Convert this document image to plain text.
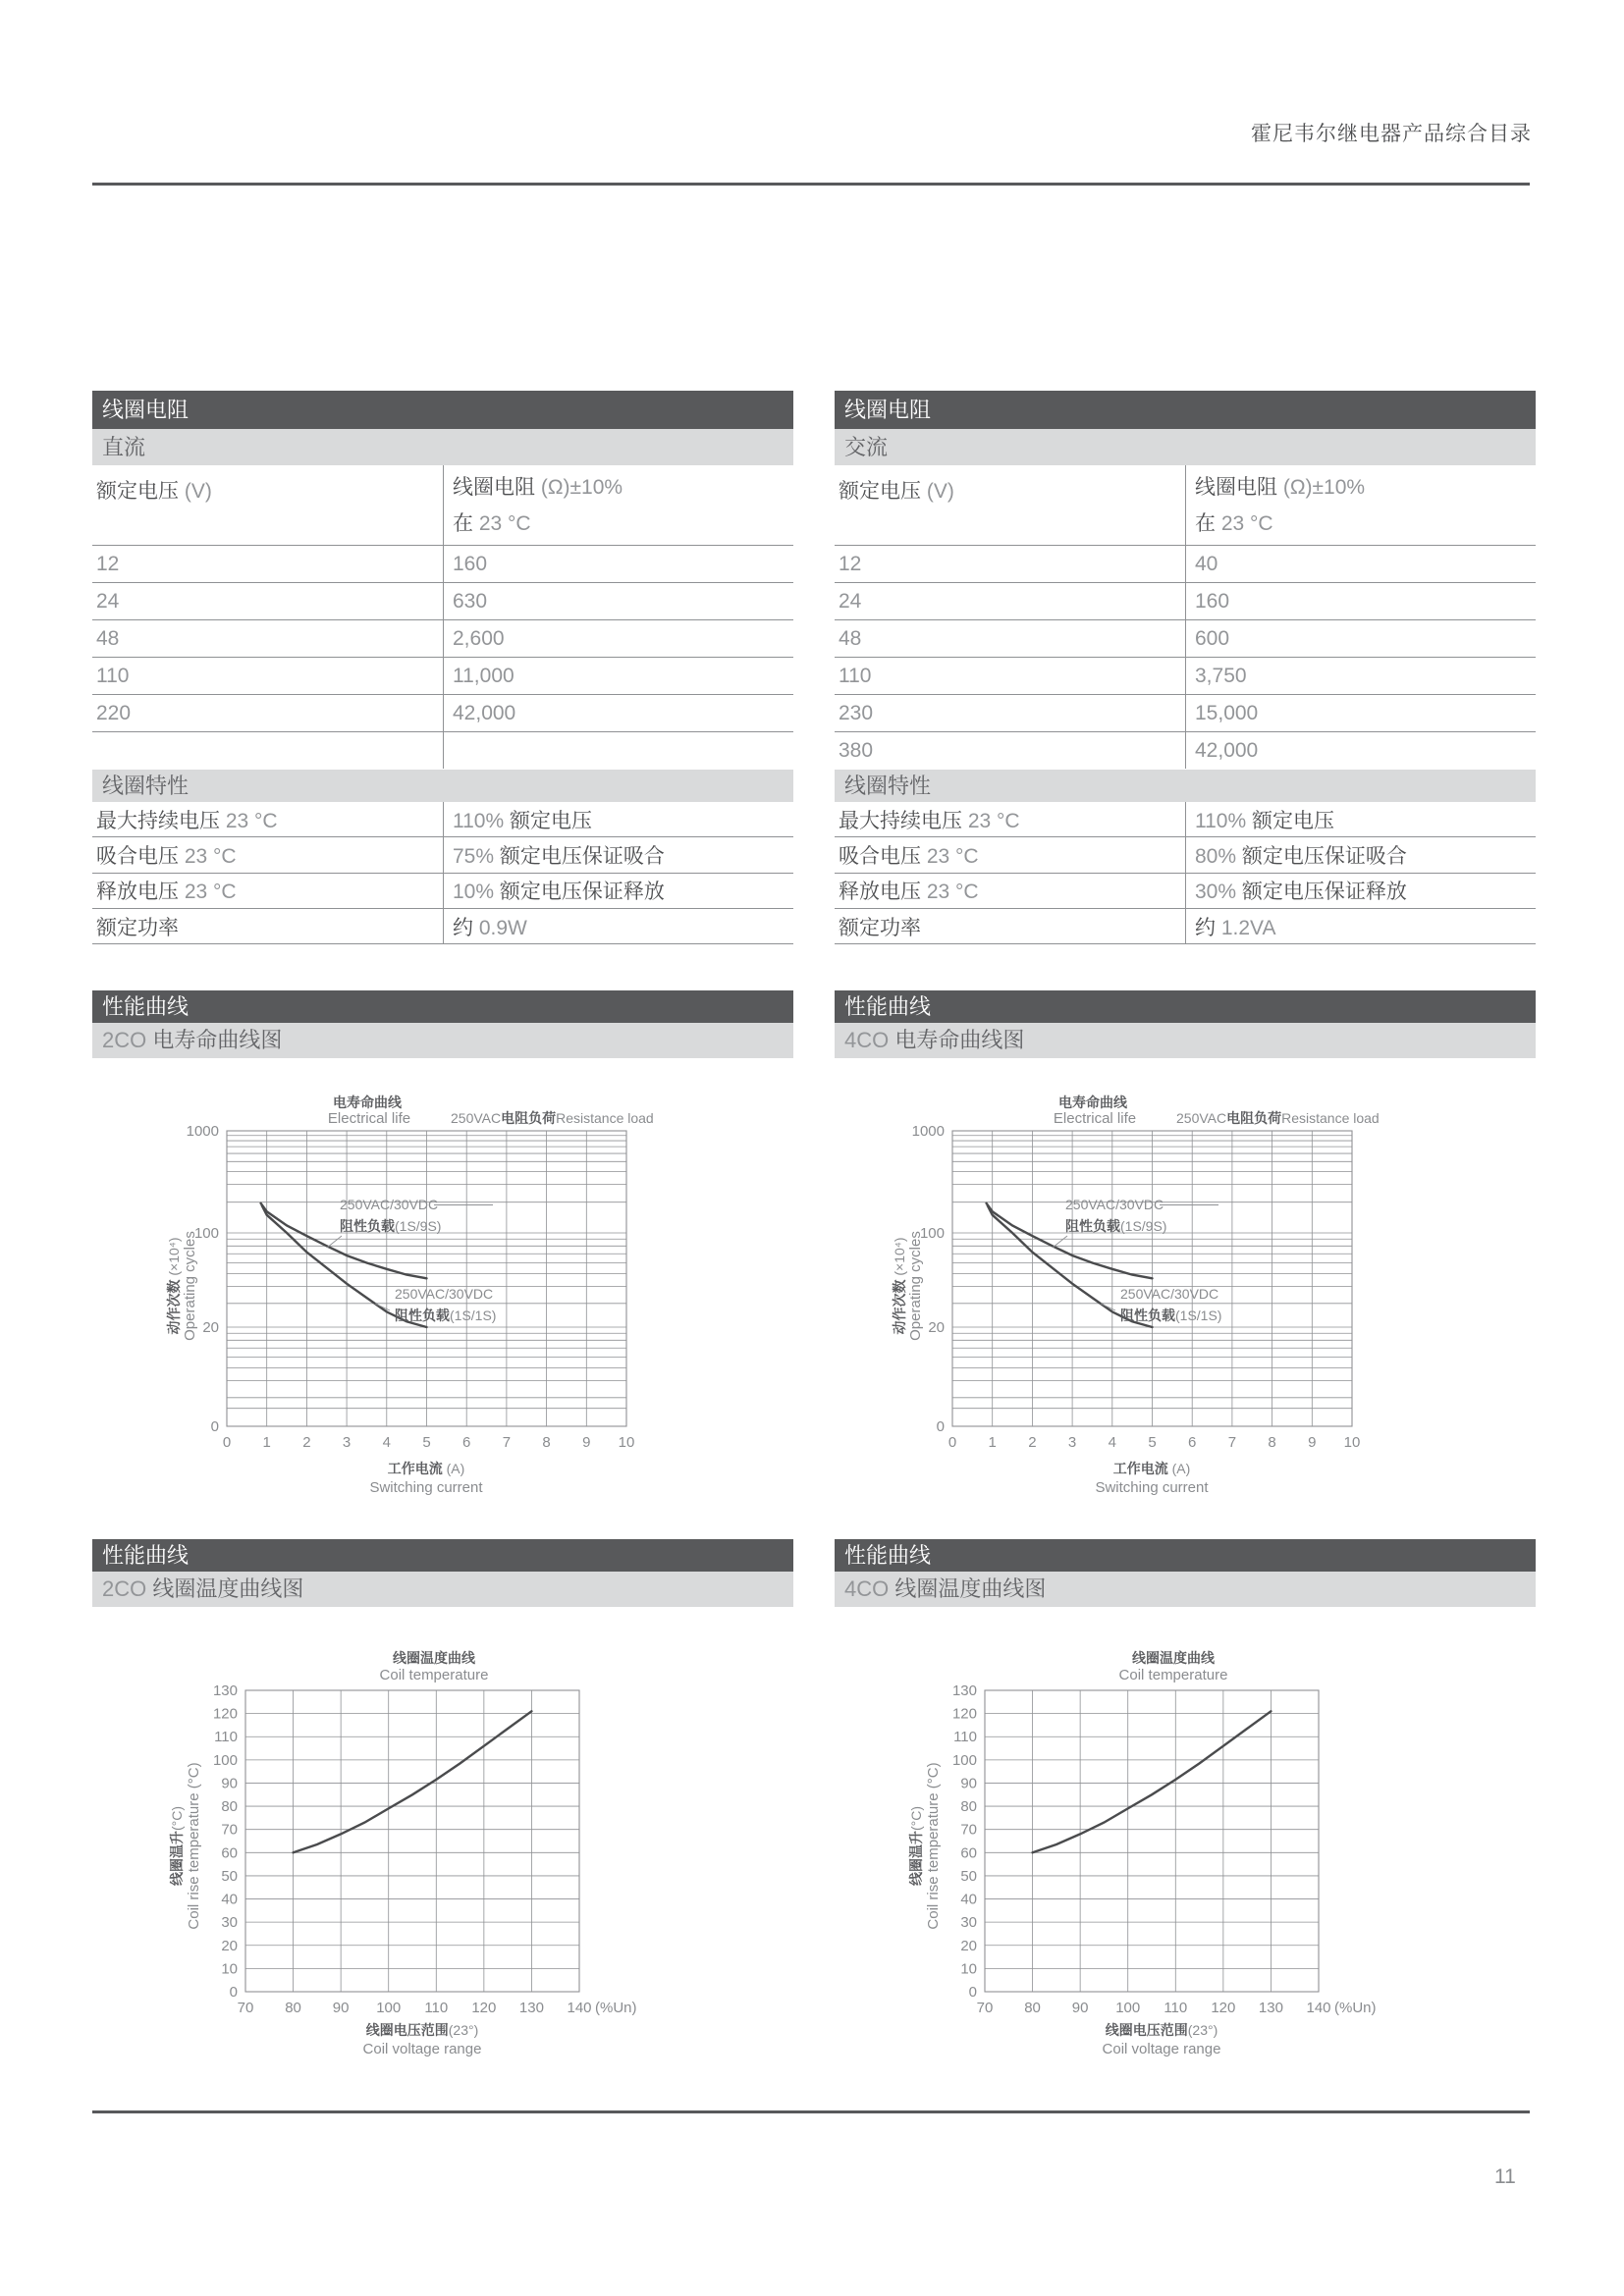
霍尼韦尔继电器产品综合目录
线圈电阻
直流
额定电压 (V)	线圈电阻 (Ω)±10%
在 23 °C
12	160
24	630
48	2,600
110	11,000
220	42,000
线圈特性
最大持续电压 23 °C	110% 额定电压
吸合电压 23 °C	75% 额定电压保证吸合
释放电压 23 °C	10% 额定电压保证释放
额定功率	约 0.9W
线圈电阻
交流
额定电压 (V)	线圈电阻 (Ω)±10%
在 23 °C
12	40
24	160
48	600
110	3,750
230	15,000
380	42,000
线圈特性
最大持续电压 23 °C	110% 额定电压
吸合电压 23 °C	80% 额定电压保证吸合
释放电压 23 °C	30% 额定电压保证释放
额定功率	约 1.2VA
性能曲线
2CO 电寿命曲线图
性能曲线
4CO 电寿命曲线图
1000
100
20
0
0 1 2 3 4 5 6 7 8 9 10
电寿命曲线
Electrical life	250VAC电阻负荷Resistance load
工作电流 (A)
Switching current
动作次数 (×10⁴) Operating cycles
250VAC/30VDC
阻性负载(1S/9S)
250VAC/30VDC
阻性负载(1S/1S)
1000
100
20
0
0 1 2 3 4 5 6 7 8 9 10
电寿命曲线
Electrical life	250VAC电阻负荷Resistance load
工作电流 (A)
Switching current
动作次数 (×10⁴) Operating cycles
250VAC/30VDC
阻性负载(1S/9S)
250VAC/30VDC
阻性负载(1S/1S)
性能曲线
2CO 线圈温度曲线图
性能曲线
4CO 线圈温度曲线图
0
10
20
30
40
50
60
70
80
90
100
110
120
130
70 80 90 100 110 120 130 140 (%Un)
线圈温度曲线
Coil temperature
线圈电压范围(23°)
Coil voltage range
线圈温升(°C) Coil rise temperature (°C)
0
10
20
30
40
50
60
70
80
90
100
110
120
130
70 80 90 100 110 120 130 140 (%Un)
线圈温度曲线
Coil temperature
线圈电压范围(23°)
Coil voltage range
线圈温升(°C) Coil rise temperature (°C)
11
